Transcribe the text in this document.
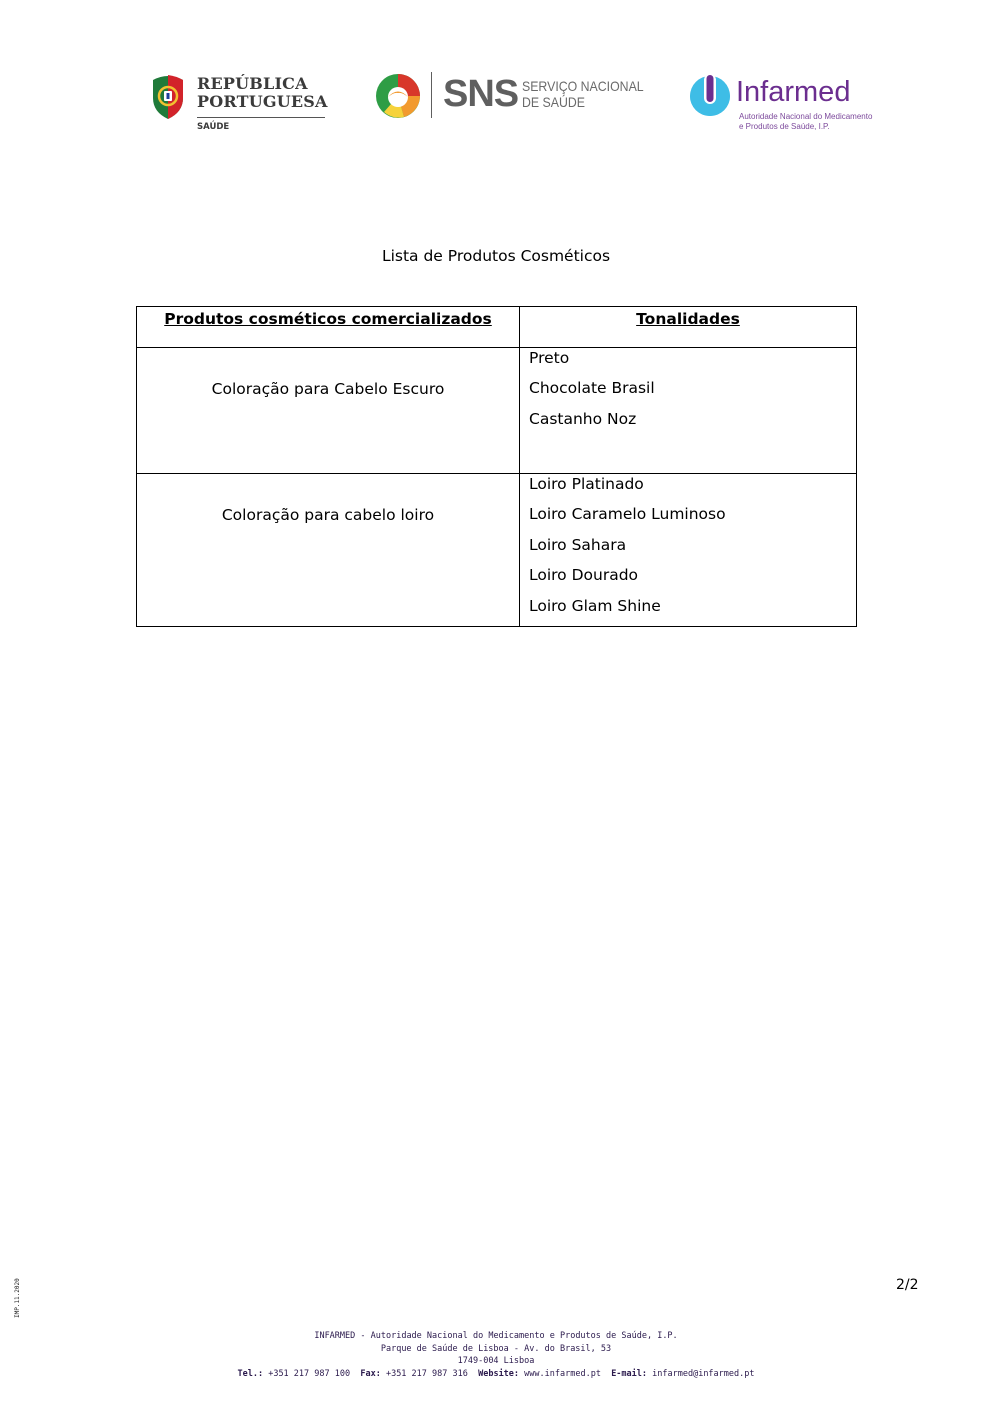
REPÚBLICA
PORTUGUESA
SAÚDE
SNS SERVIÇO NACIONAL
DE SAÚDE	Infarmed
Autoridade Nacional do Medicamento
e Produtos de Saúde, I.P.
Lista de Produtos Cosméticos
Produtos cosméticos comercializados	Tonalidades

Coloração para Cabelo Escuro	Preto
Chocolate Brasil
Castanho Noz

Coloração para cabelo loiro	Loiro Platinado
Loiro Caramelo Luminoso
Loiro Sahara
Loiro Dourado
Loiro Glam Shine
2/2
IMP.11.2020
INFARMED - Autoridade Nacional do Medicamento e Produtos de Saúde, I.P.
Parque de Saúde de Lisboa - Av. do Brasil, 53
1749-004 Lisboa
Tel.: +351 217 987 100 Fax: +351 217 987 316 Website: www.infarmed.pt E-mail: infarmed@infarmed.pt
